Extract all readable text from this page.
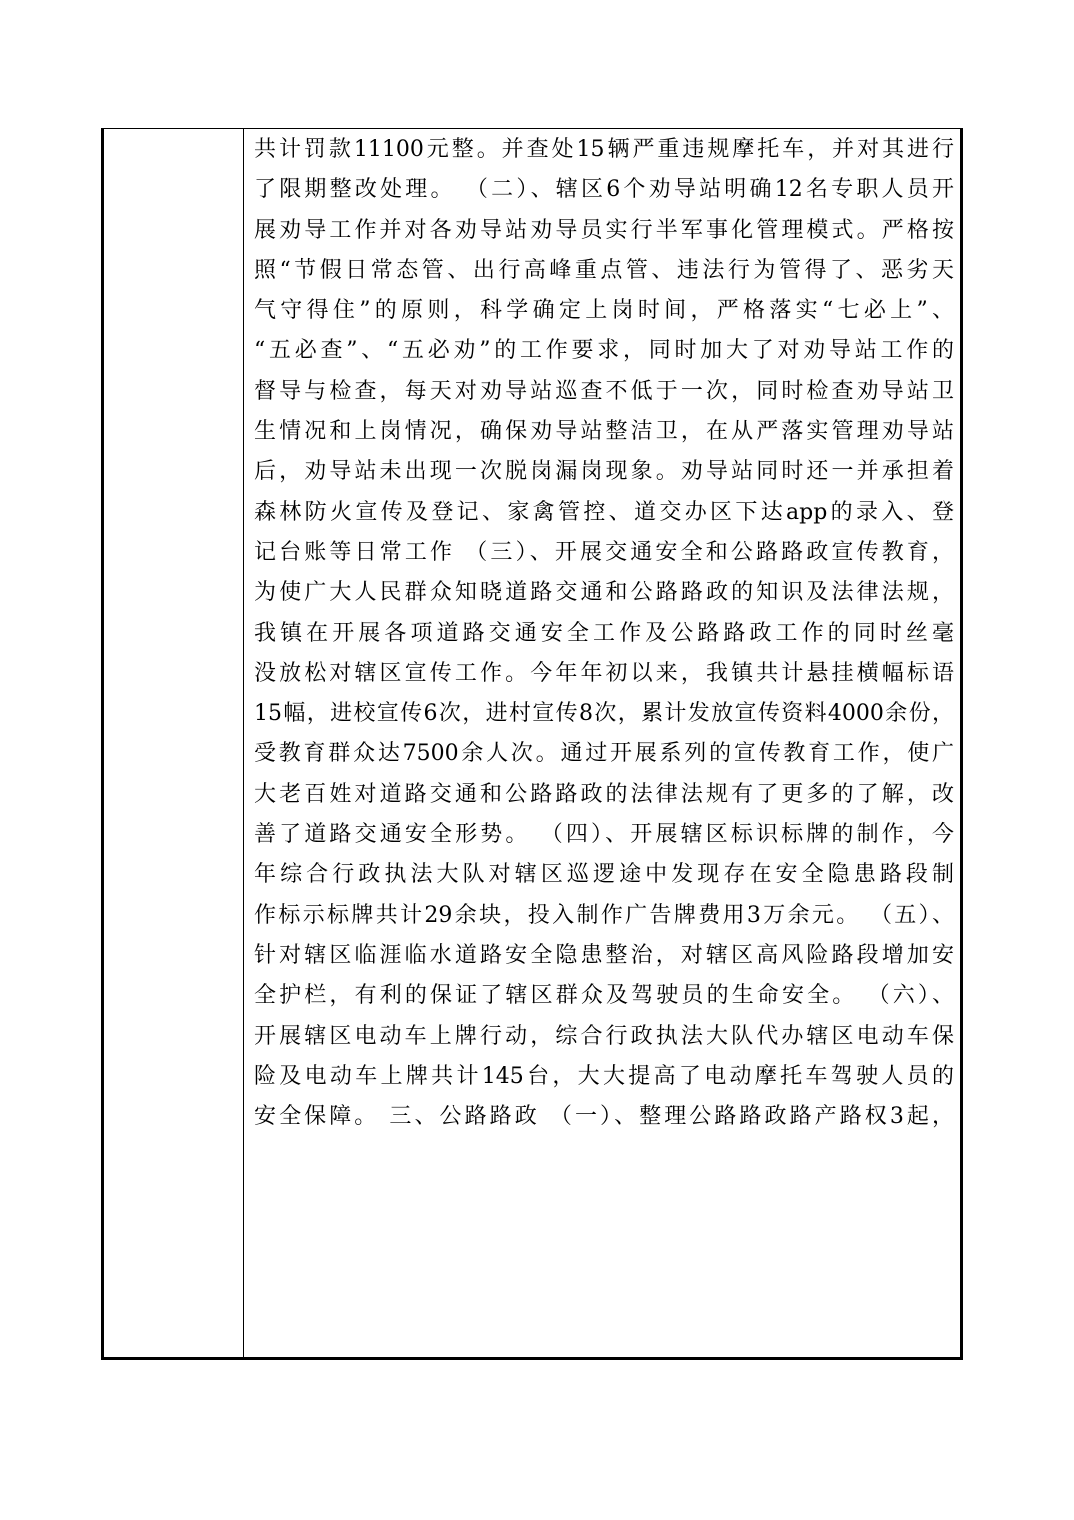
共计罚款11100元整。并查处15辆严重违规摩托车，并对其进行
了限期整改处理。 （二）、辖区6个劝导站明确12名专职人员开
展劝导工作并对各劝导站劝导员实行半军事化管理模式。严格按
照“节假日常态管、出行高峰重点管、违法行为管得了、恶劣天
气守得住”的原则，科学确定上岗时间，严格落实“七必上”、
“五必查”、“五必劝”的工作要求，同时加大了对劝导站工作的
督导与检查，每天对劝导站巡查不低于一次，同时检查劝导站卫
生情况和上岗情况，确保劝导站整洁卫，在从严落实管理劝导站
后，劝导站未出现一次脱岗漏岗现象。劝导站同时还一并承担着
森林防火宣传及登记、家禽管控、道交办区下达app的录入、登
记台账等日常工作 （三）、开展交通安全和公路路政宣传教育，
为使广大人民群众知晓道路交通和公路路政的知识及法律法规，
我镇在开展各项道路交通安全工作及公路路政工作的同时丝毫
没放松对辖区宣传工作。今年年初以来，我镇共计悬挂横幅标语
15幅，进校宣传6次，进村宣传8次，累计发放宣传资料4000余份，
受教育群众达7500余人次。通过开展系列的宣传教育工作，使广
大老百姓对道路交通和公路路政的法律法规有了更多的了解，改
善了道路交通安全形势。 （四）、开展辖区标识标牌的制作，今
年综合行政执法大队对辖区巡逻途中发现存在安全隐患路段制
作标示标牌共计29余块，投入制作广告牌费用3万余元。 （五）、
针对辖区临涯临水道路安全隐患整治，对辖区高风险路段增加安
全护栏，有利的保证了辖区群众及驾驶员的生命安全。 （六）、
开展辖区电动车上牌行动，综合行政执法大队代办辖区电动车保
险及电动车上牌共计145台，大大提高了电动摩托车驾驶人员的
安全保障。 三、公路路政 （一）、整理公路路政路产路权3起，
